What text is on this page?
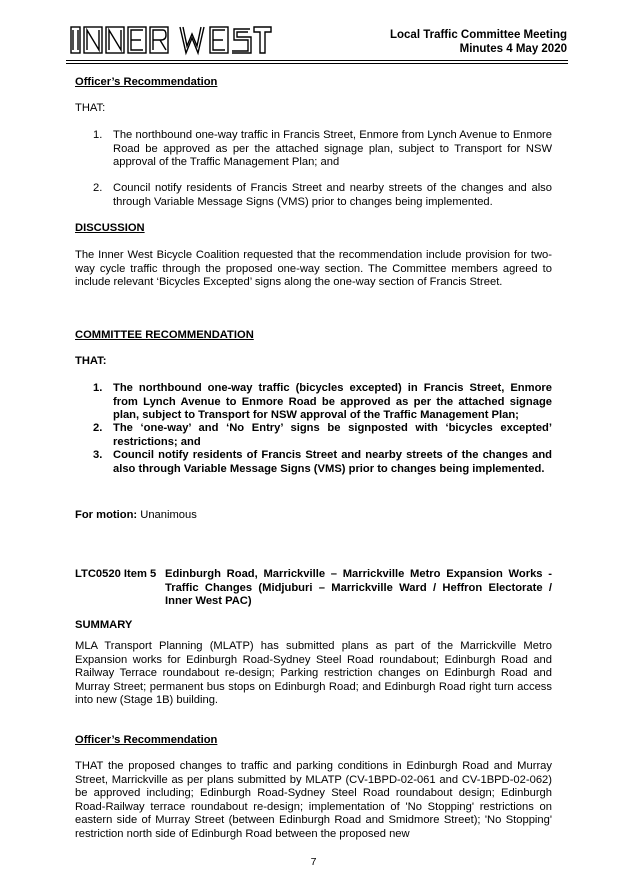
Local Traffic Committee Meeting
Minutes 4 May 2020
Officer’s Recommendation
THAT:
1. The northbound one-way traffic in Francis Street, Enmore from Lynch Avenue to Enmore Road be approved as per the attached signage plan, subject to Transport for NSW approval of the Traffic Management Plan; and
2. Council notify residents of Francis Street and nearby streets of the changes and also through Variable Message Signs (VMS) prior to changes being implemented.
DISCUSSION
The Inner West Bicycle Coalition requested that the recommendation include provision for two-way cycle traffic through the proposed one-way section. The Committee members agreed to include relevant ‘Bicycles Excepted’ signs along the one-way section of Francis Street.
COMMITTEE RECOMMENDATION
THAT:
1. The northbound one-way traffic (bicycles excepted) in Francis Street, Enmore from Lynch Avenue to Enmore Road be approved as per the attached signage plan, subject to Transport for NSW approval of the Traffic Management Plan;
2. The ‘one-way’ and ‘No Entry’ signs be signposted with ‘bicycles excepted’ restrictions; and
3. Council notify residents of Francis Street and nearby streets of the changes and also through Variable Message Signs (VMS) prior to changes being implemented.
For motion: Unanimous
LTC0520 Item 5 Edinburgh Road, Marrickville – Marrickville Metro Expansion Works - Traffic Changes (Midjuburi – Marrickville Ward / Heffron Electorate / Inner West PAC)
SUMMARY
MLA Transport Planning (MLATP) has submitted plans as part of the Marrickville Metro Expansion works for Edinburgh Road-Sydney Steel Road roundabout; Edinburgh Road and Railway Terrace roundabout re-design; Parking restriction changes on Edinburgh Road and Murray Street; permanent bus stops on Edinburgh Road; and Edinburgh Road right turn access into new (Stage 1B) building.
Officer’s Recommendation
THAT the proposed changes to traffic and parking conditions in Edinburgh Road and Murray Street, Marrickville as per plans submitted by MLATP (CV-1BPD-02-061 and CV-1BPD-02-062) be approved including; Edinburgh Road-Sydney Steel Road roundabout design; Edinburgh Road-Railway terrace roundabout re-design; implementation of 'No Stopping' restrictions on eastern side of Murray Street (between Edinburgh Road and Smidmore Street); 'No Stopping' restriction north side of Edinburgh Road between the proposed new
7
